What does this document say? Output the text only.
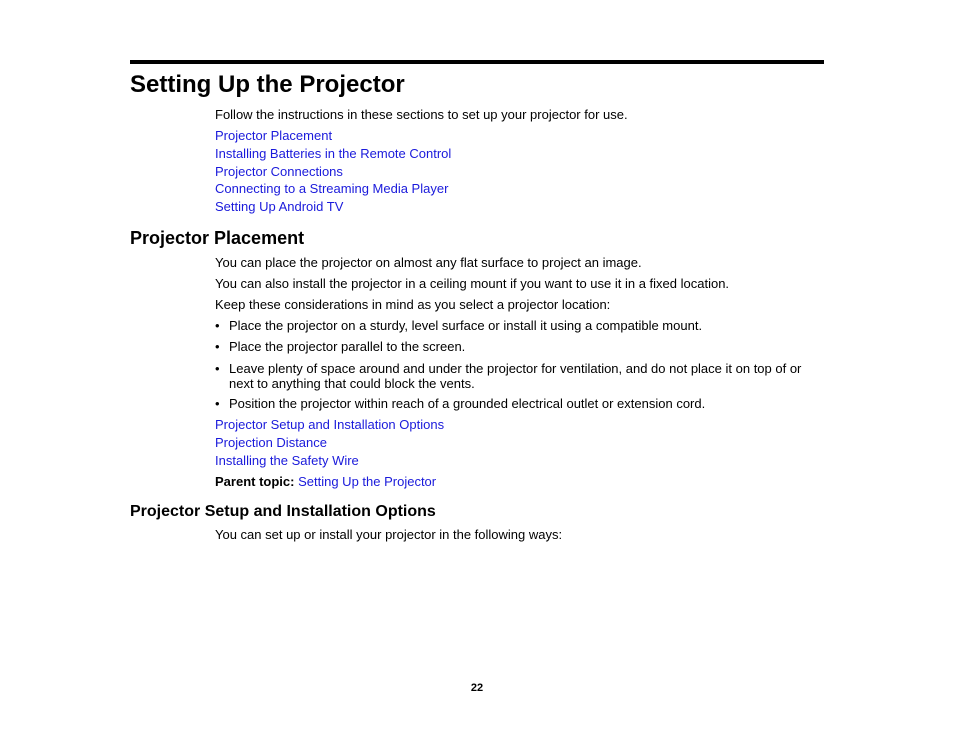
Setting Up the Projector

Follow the instructions in these sections to set up your projector for use.

Projector Placement
Installing Batteries in the Remote Control
Projector Connections
Connecting to a Streaming Media Player
Setting Up Android TV
Projector Placement

You can place the projector on almost any flat surface to project an image.

You can also install the projector in a ceiling mount if you want to use it in a fixed location.

Keep these considerations in mind as you select a projector location:

• Place the projector on a sturdy, level surface or install it using a compatible mount.
• Place the projector parallel to the screen.
• Leave plenty of space around and under the projector for ventilation, and do not place it on top of or next to anything that could block the vents.
• Position the projector within reach of a grounded electrical outlet or extension cord.
Projector Setup and Installation Options
Projection Distance
Installing the Safety Wire
Parent topic: Setting Up the Projector
Projector Setup and Installation Options

You can set up or install your projector in the following ways:

22
